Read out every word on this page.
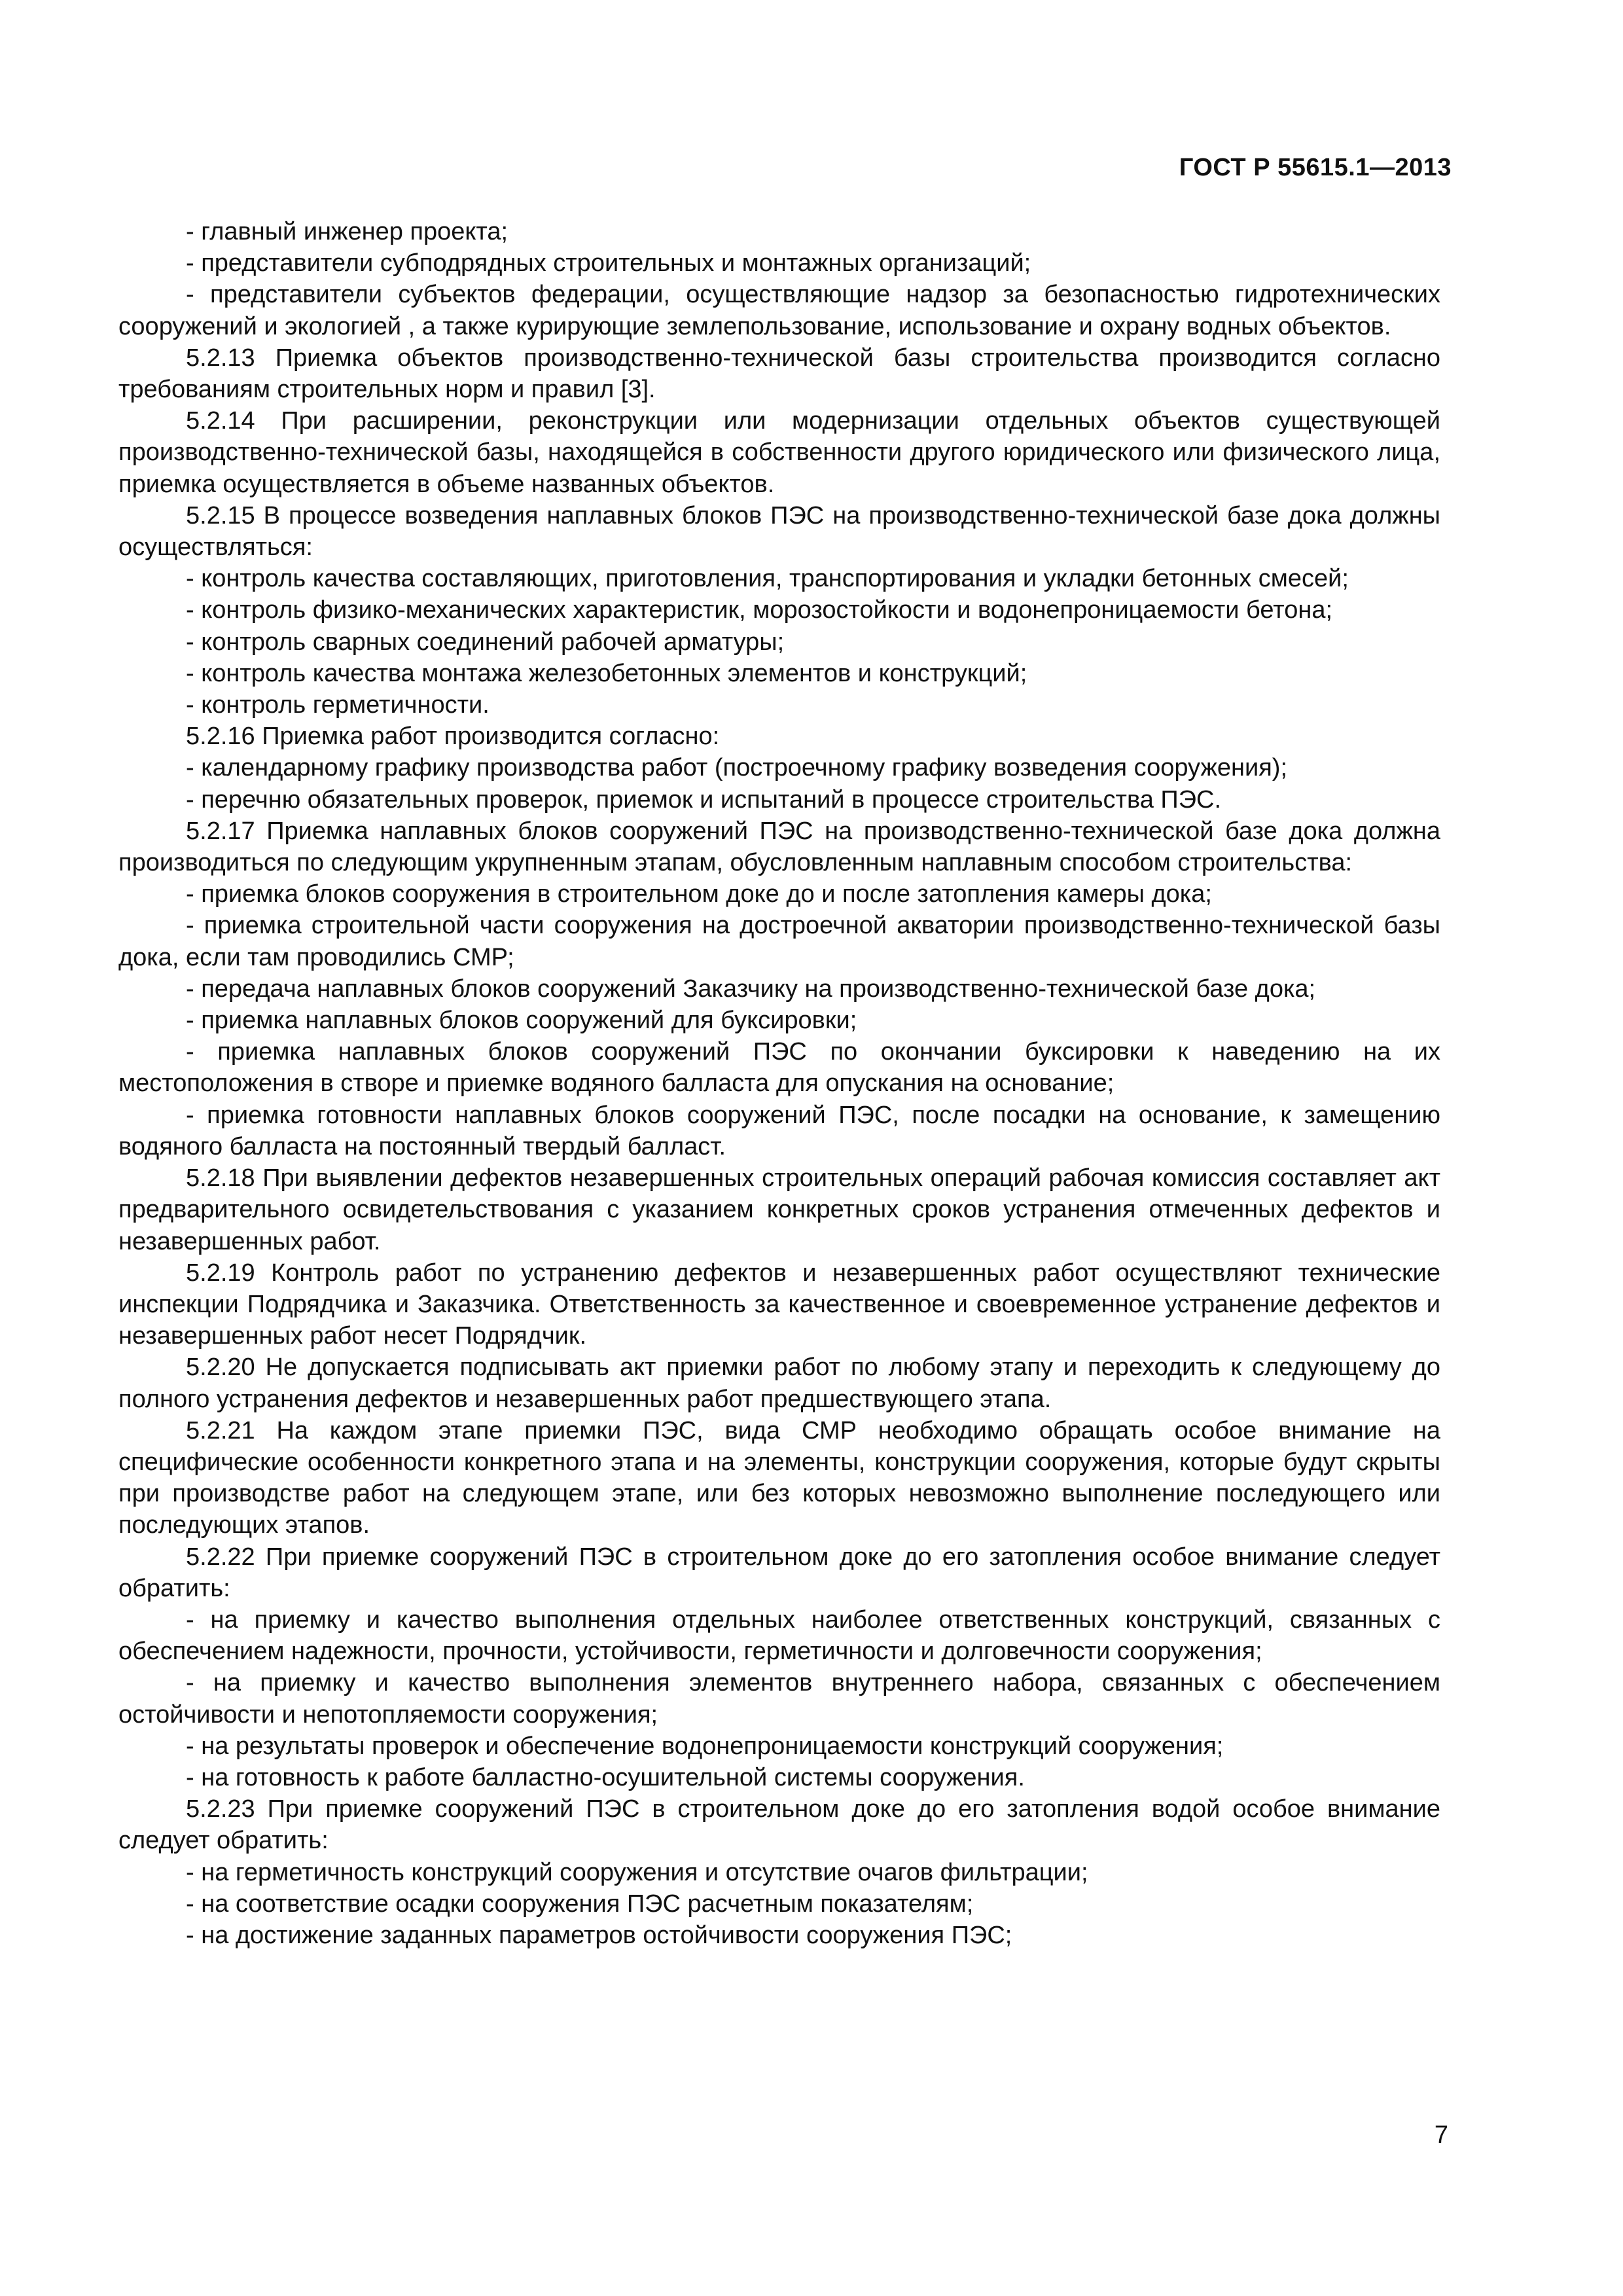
ГОСТ Р 55615.1—2013

- главный инженер проекта;

- представители субподрядных строительных и монтажных организаций;

- представители субъектов федерации, осуществляющие надзор за безопасностью гидротехнических сооружений и экологией , а также курирующие землепользование, использование и охрану водных объектов.

5.2.13 Приемка объектов производственно-технической базы строительства производится согласно требованиям строительных норм и правил [3].

5.2.14 При расширении, реконструкции или модернизации отдельных объектов существующей производственно-технической базы, находящейся в собственности другого юридического или физического лица, приемка осуществляется в объеме названных объектов.

5.2.15 В процессе возведения наплавных блоков ПЭС на производственно-технической базе дока должны осуществляться:

- контроль качества составляющих, приготовления, транспортирования и укладки бетонных смесей;

- контроль физико-механических характеристик, морозостойкости и водонепроницаемости бетона;

- контроль сварных соединений рабочей арматуры;

- контроль качества монтажа железобетонных элементов и конструкций;

- контроль герметичности.

5.2.16 Приемка работ производится согласно:

- календарному графику производства работ (построечному графику возведения сооружения);

- перечню обязательных проверок, приемок и испытаний в процессе строительства ПЭС.

5.2.17 Приемка наплавных блоков сооружений ПЭС на производственно-технической базе дока должна производиться по следующим укрупненным этапам, обусловленным наплавным способом строительства:

- приемка блоков сооружения в строительном доке до и после затопления камеры дока;

- приемка строительной части сооружения на достроечной акватории производственно-технической базы дока, если там проводились СМР;

- передача наплавных блоков сооружений Заказчику на производственно-технической базе дока;

- приемка наплавных блоков сооружений для буксировки;

- приемка наплавных блоков сооружений ПЭС по окончании буксировки к наведению на их местоположения в створе и приемке водяного балласта для опускания на основание;

- приемка готовности наплавных блоков сооружений ПЭС, после посадки на основание, к замещению водяного балласта на постоянный твердый балласт.

5.2.18 При выявлении дефектов незавершенных строительных операций рабочая комиссия составляет акт предварительного освидетельствования с указанием конкретных сроков устранения отмеченных дефектов и незавершенных работ.

5.2.19 Контроль работ по устранению дефектов и незавершенных работ осуществляют технические инспекции Подрядчика и Заказчика. Ответственность за качественное и своевременное устранение дефектов и незавершенных работ несет Подрядчик.

5.2.20 Не допускается подписывать акт приемки работ по любому этапу и переходить к следующему до полного устранения дефектов и незавершенных работ предшествующего этапа.

5.2.21 На каждом этапе приемки ПЭС, вида СМР необходимо обращать особое внимание на специфические особенности конкретного этапа и на элементы, конструкции сооружения, которые будут скрыты при производстве работ на следующем этапе, или без которых невозможно выполнение последующего или последующих этапов.

5.2.22 При приемке сооружений ПЭС в строительном доке до его затопления особое внимание следует обратить:

- на приемку и качество выполнения отдельных наиболее ответственных конструкций, связанных с обеспечением надежности, прочности, устойчивости, герметичности и долговечности сооружения;

- на приемку и качество выполнения элементов внутреннего набора, связанных с обеспечением остойчивости и непотопляемости сооружения;

- на результаты проверок и обеспечение водонепроницаемости конструкций сооружения;

- на готовность к работе балластно-осушительной системы сооружения.

5.2.23 При приемке сооружений ПЭС в строительном доке до его затопления водой особое внимание следует обратить:

- на герметичность конструкций сооружения и отсутствие очагов фильтрации;

- на соответствие осадки сооружения ПЭС расчетным показателям;

- на достижение заданных параметров остойчивости сооружения ПЭС;

7
